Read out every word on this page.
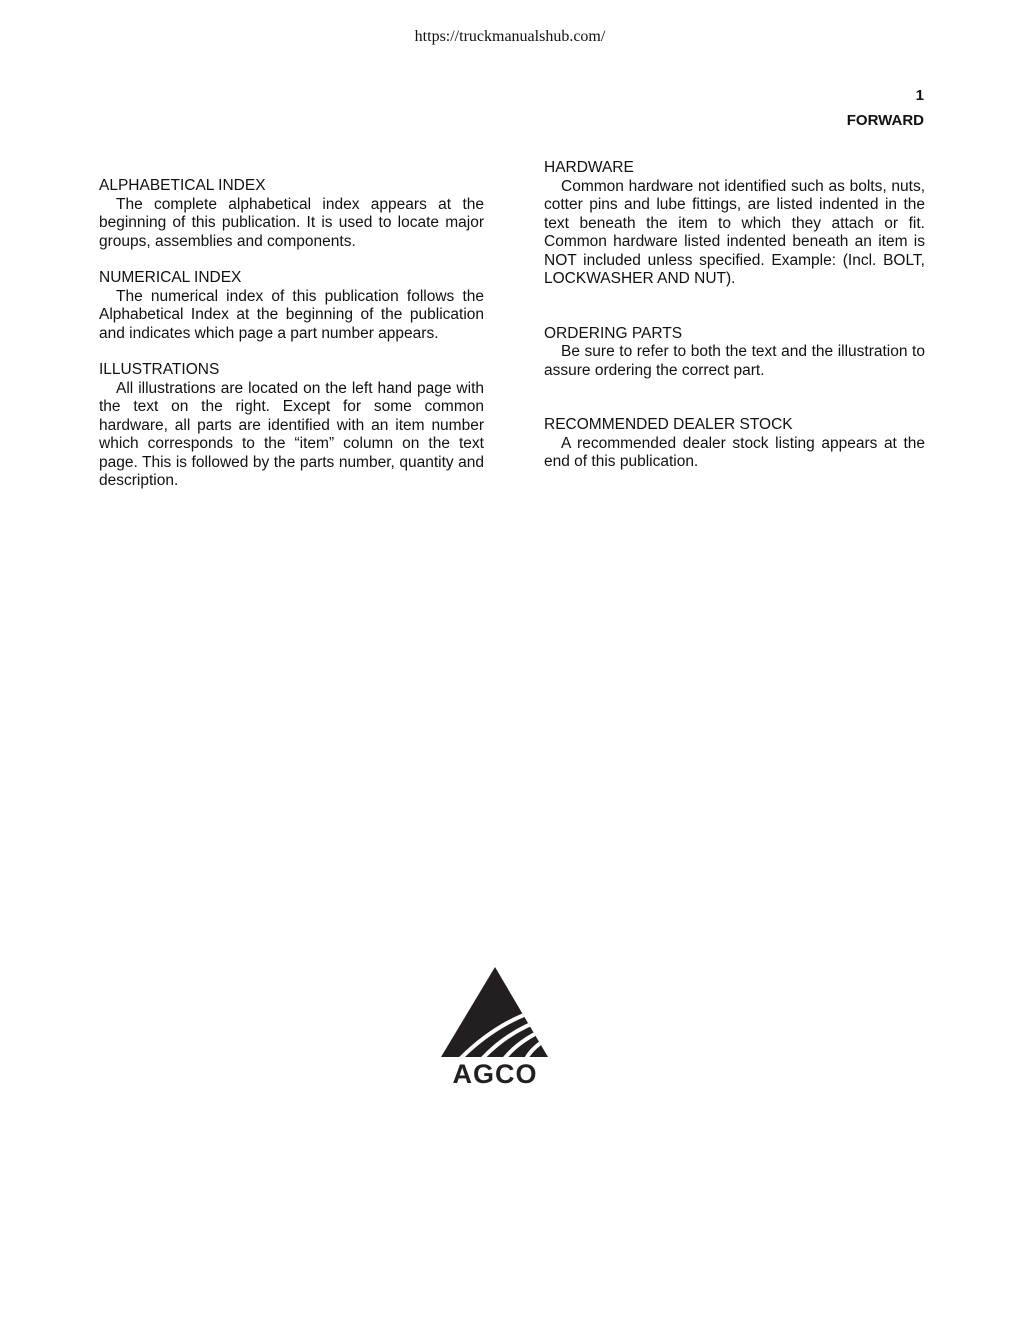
https://truckmanualshub.com/
1
FORWARD
ALPHABETICAL INDEX

The complete alphabetical index appears at the beginning of this publication. It is used to locate major groups, assemblies and components.

NUMERICAL INDEX

The numerical index of this publication follows the Alphabetical Index at the beginning of the publication and indicates which page a part number appears.

ILLUSTRATIONS

All illustrations are located on the left hand page with the text on the right. Except for some common hardware, all parts are identified with an item number which corresponds to the “item” column on the text page. This is followed by the parts number, quantity and description.

HARDWARE

Common hardware not identified such as bolts, nuts, cotter pins and lube fittings, are listed indented in the text beneath the item to which they attach or fit. Common hardware listed indented beneath an item is NOT included unless specified. Example: (Incl. BOLT, LOCKWASHER AND NUT).

ORDERING PARTS

Be sure to refer to both the text and the illustration to assure ordering the correct part.

RECOMMENDED DEALER STOCK

A recommended dealer stock listing appears at the end of this publication.

AGCO
